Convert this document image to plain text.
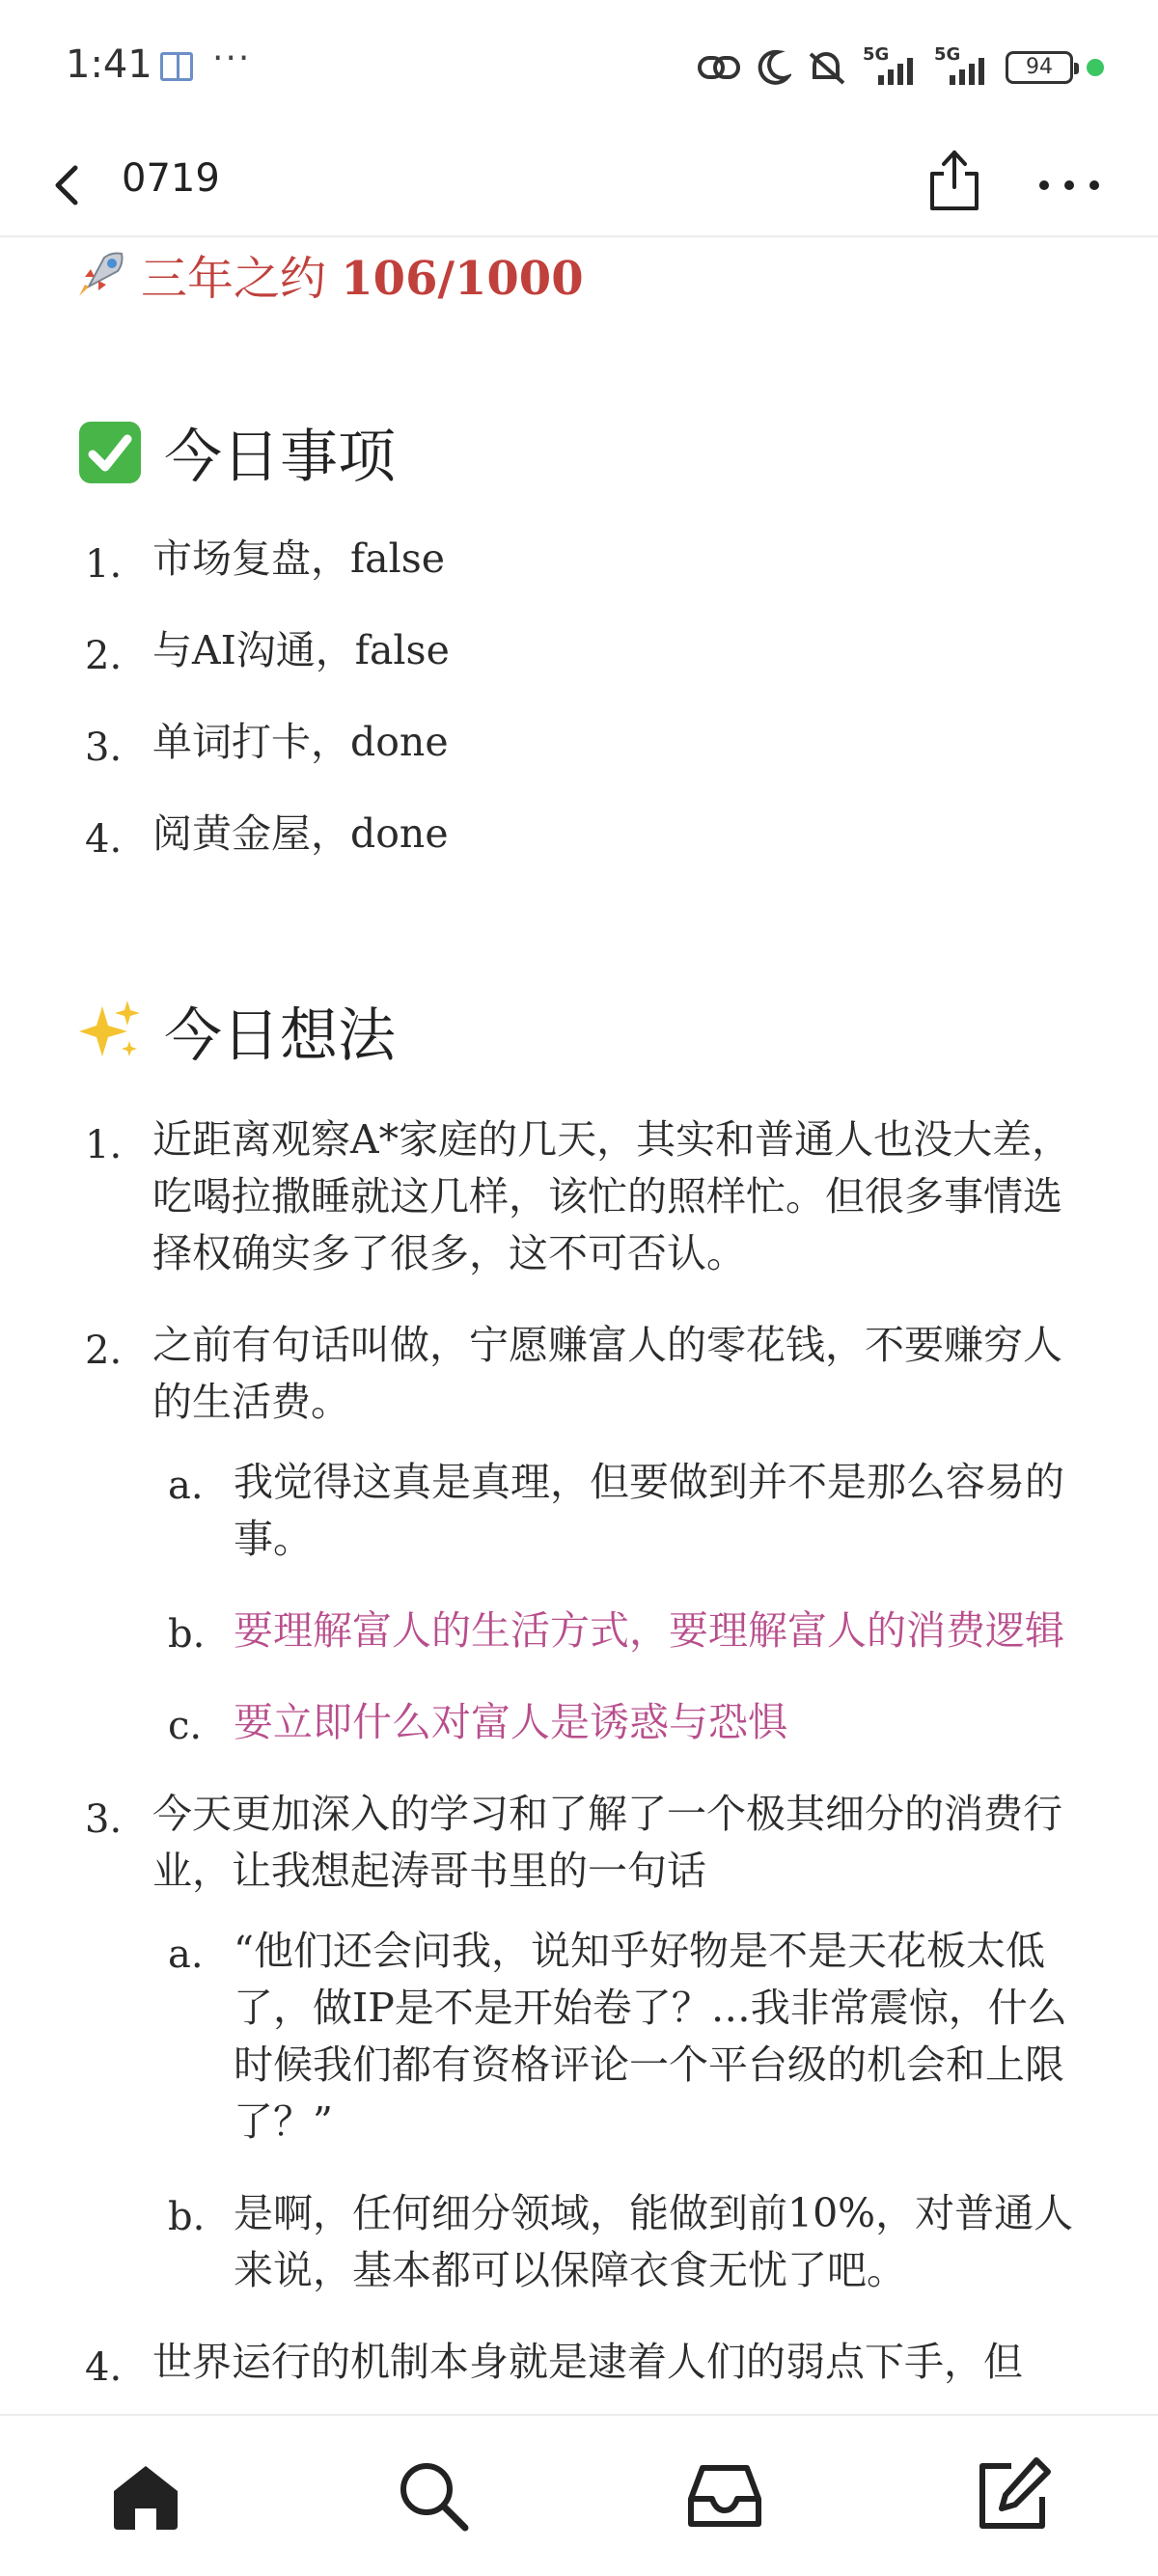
1:41 ···	5G	5G
94
0719
三年之约 106/1000
今日事项
1. 市场复盘，false
2. 与AI沟通，false
3. 单词打卡，done
4. 阅黄金屋，done
今日想法
1. 近距离观察A*家庭的几天，其实和普通人也没大差，吃喝拉撒睡就这几样，该忙的照样忙。但很多事情选择权确实多了很多，这不可否认。
2. 之前有句话叫做，宁愿赚富人的零花钱，不要赚穷人的生活费。
a. 我觉得这真是真理，但要做到并不是那么容易的事。
b. 要理解富人的生活方式，要理解富人的消费逻辑
c. 要立即什么对富人是诱惑与恐惧
3. 今天更加深入的学习和了解了一个极其细分的消费行业，让我想起涛哥书里的一句话
a. “他们还会问我，说知乎好物是不是天花板太低了，做IP是不是开始卷了？…我非常震惊，什么时候我们都有资格评论一个平台级的机会和上限了？”
b. 是啊，任何细分领域，能做到前10%，对普通人来说，基本都可以保障衣食无忧了吧。
4. 世界运行的机制本身就是逮着人们的弱点下手，但
